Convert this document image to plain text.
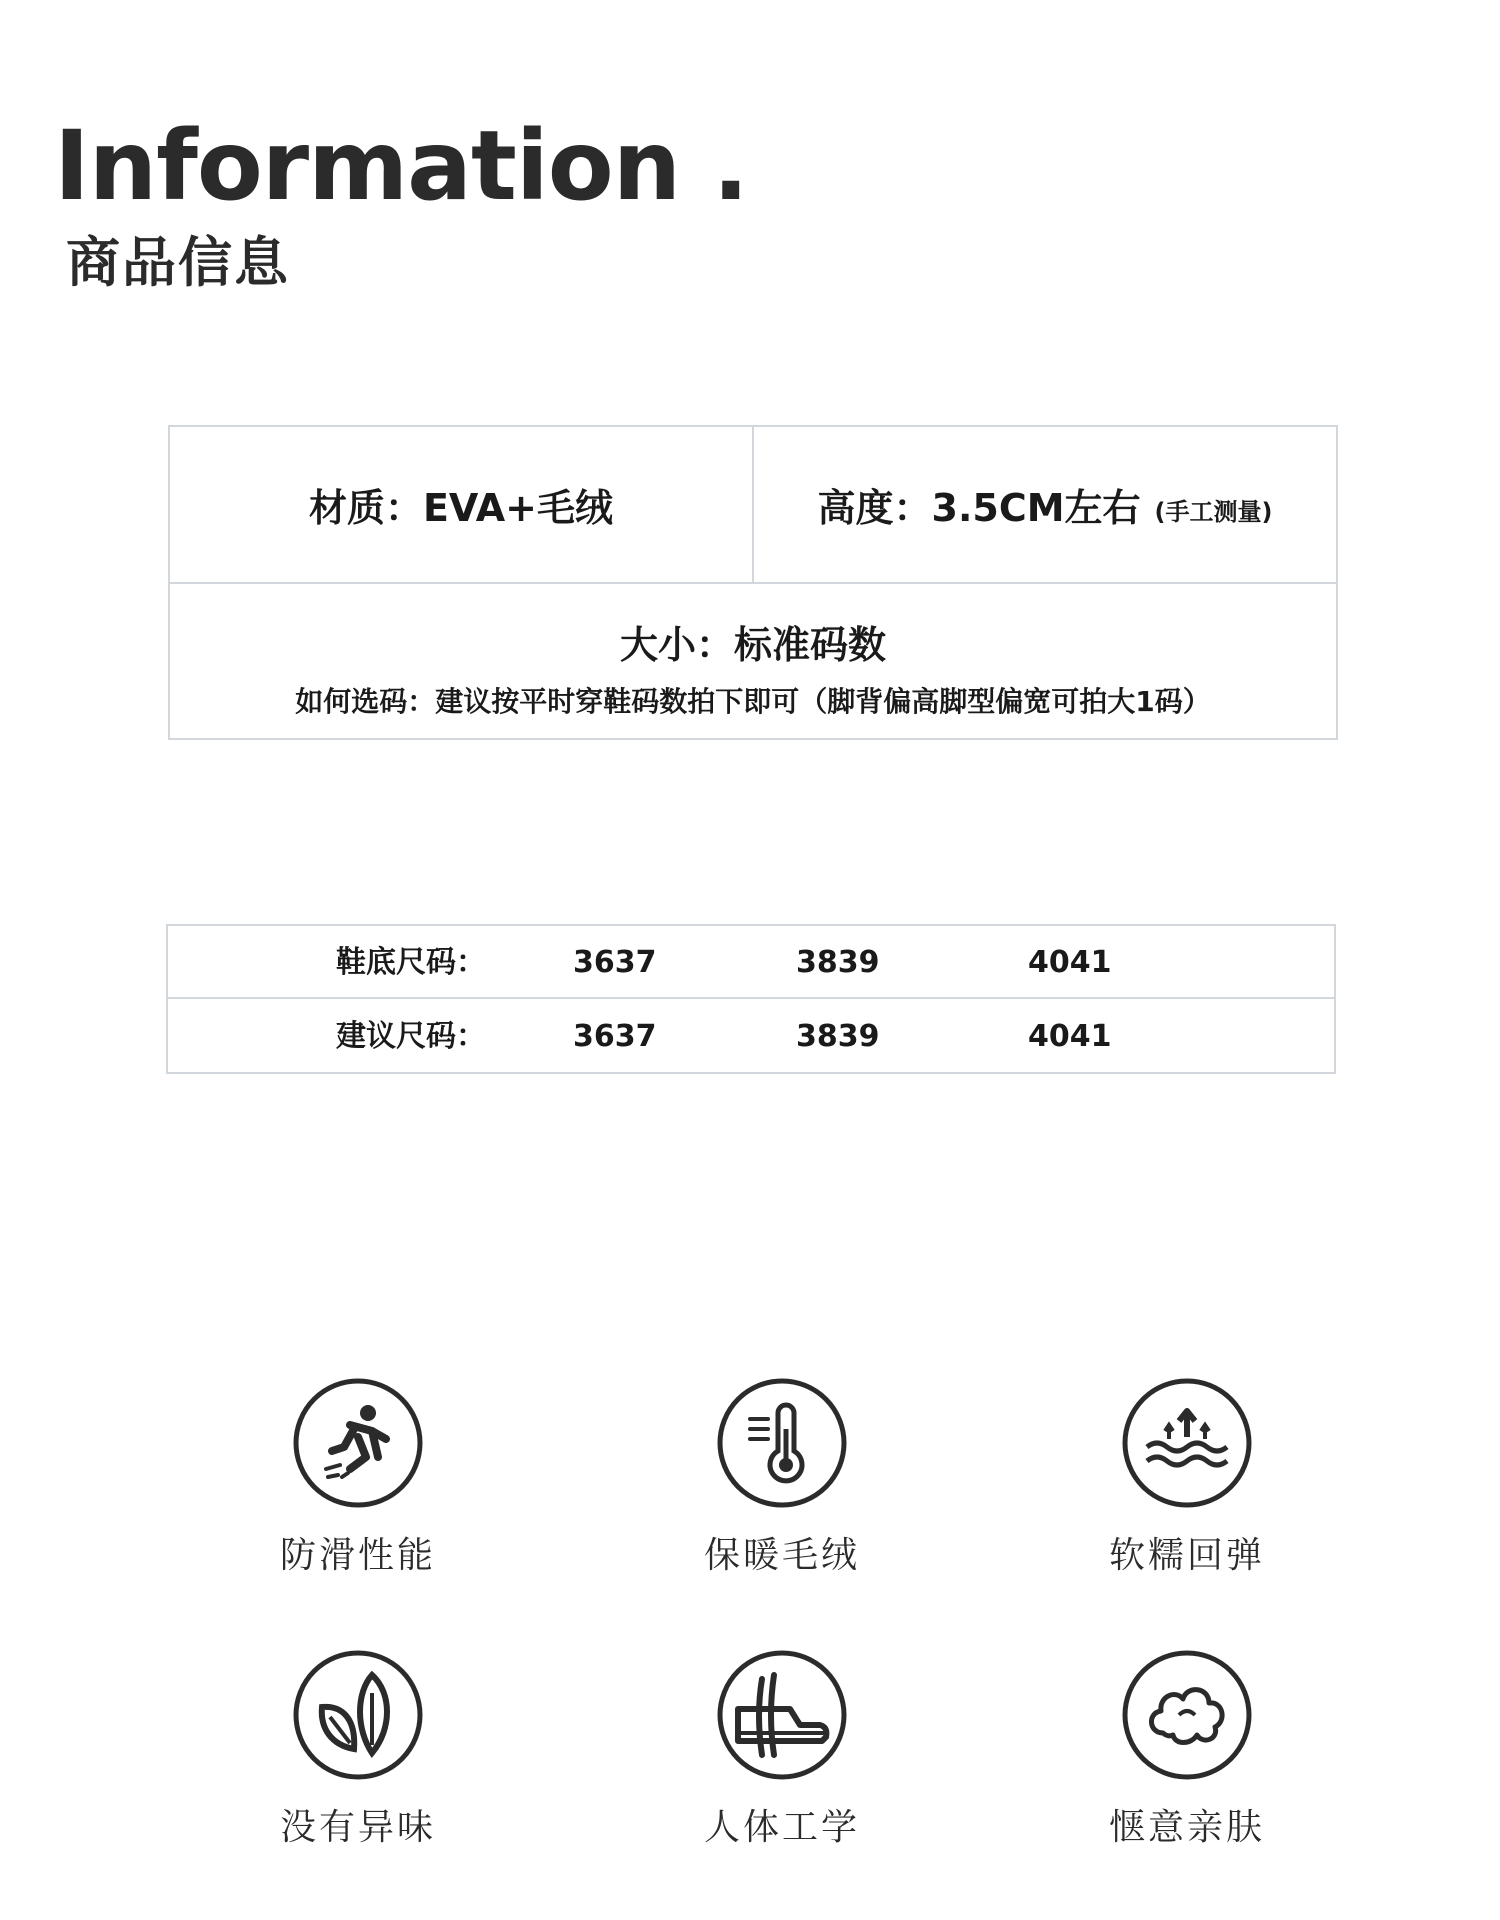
Information .
商品信息
材质：EVA+毛绒	高度：3.5CM左右 (手工测量)
大小：标准码数
如何选码：建议按平时穿鞋码数拍下即可（脚背偏高脚型偏宽可拍大1码）
鞋底尺码：	3637	3839	4041
建议尺码：	3637	3839	4041
防滑性能	保暖毛绒	软糯回弹
没有异味	人体工学	惬意亲肤
